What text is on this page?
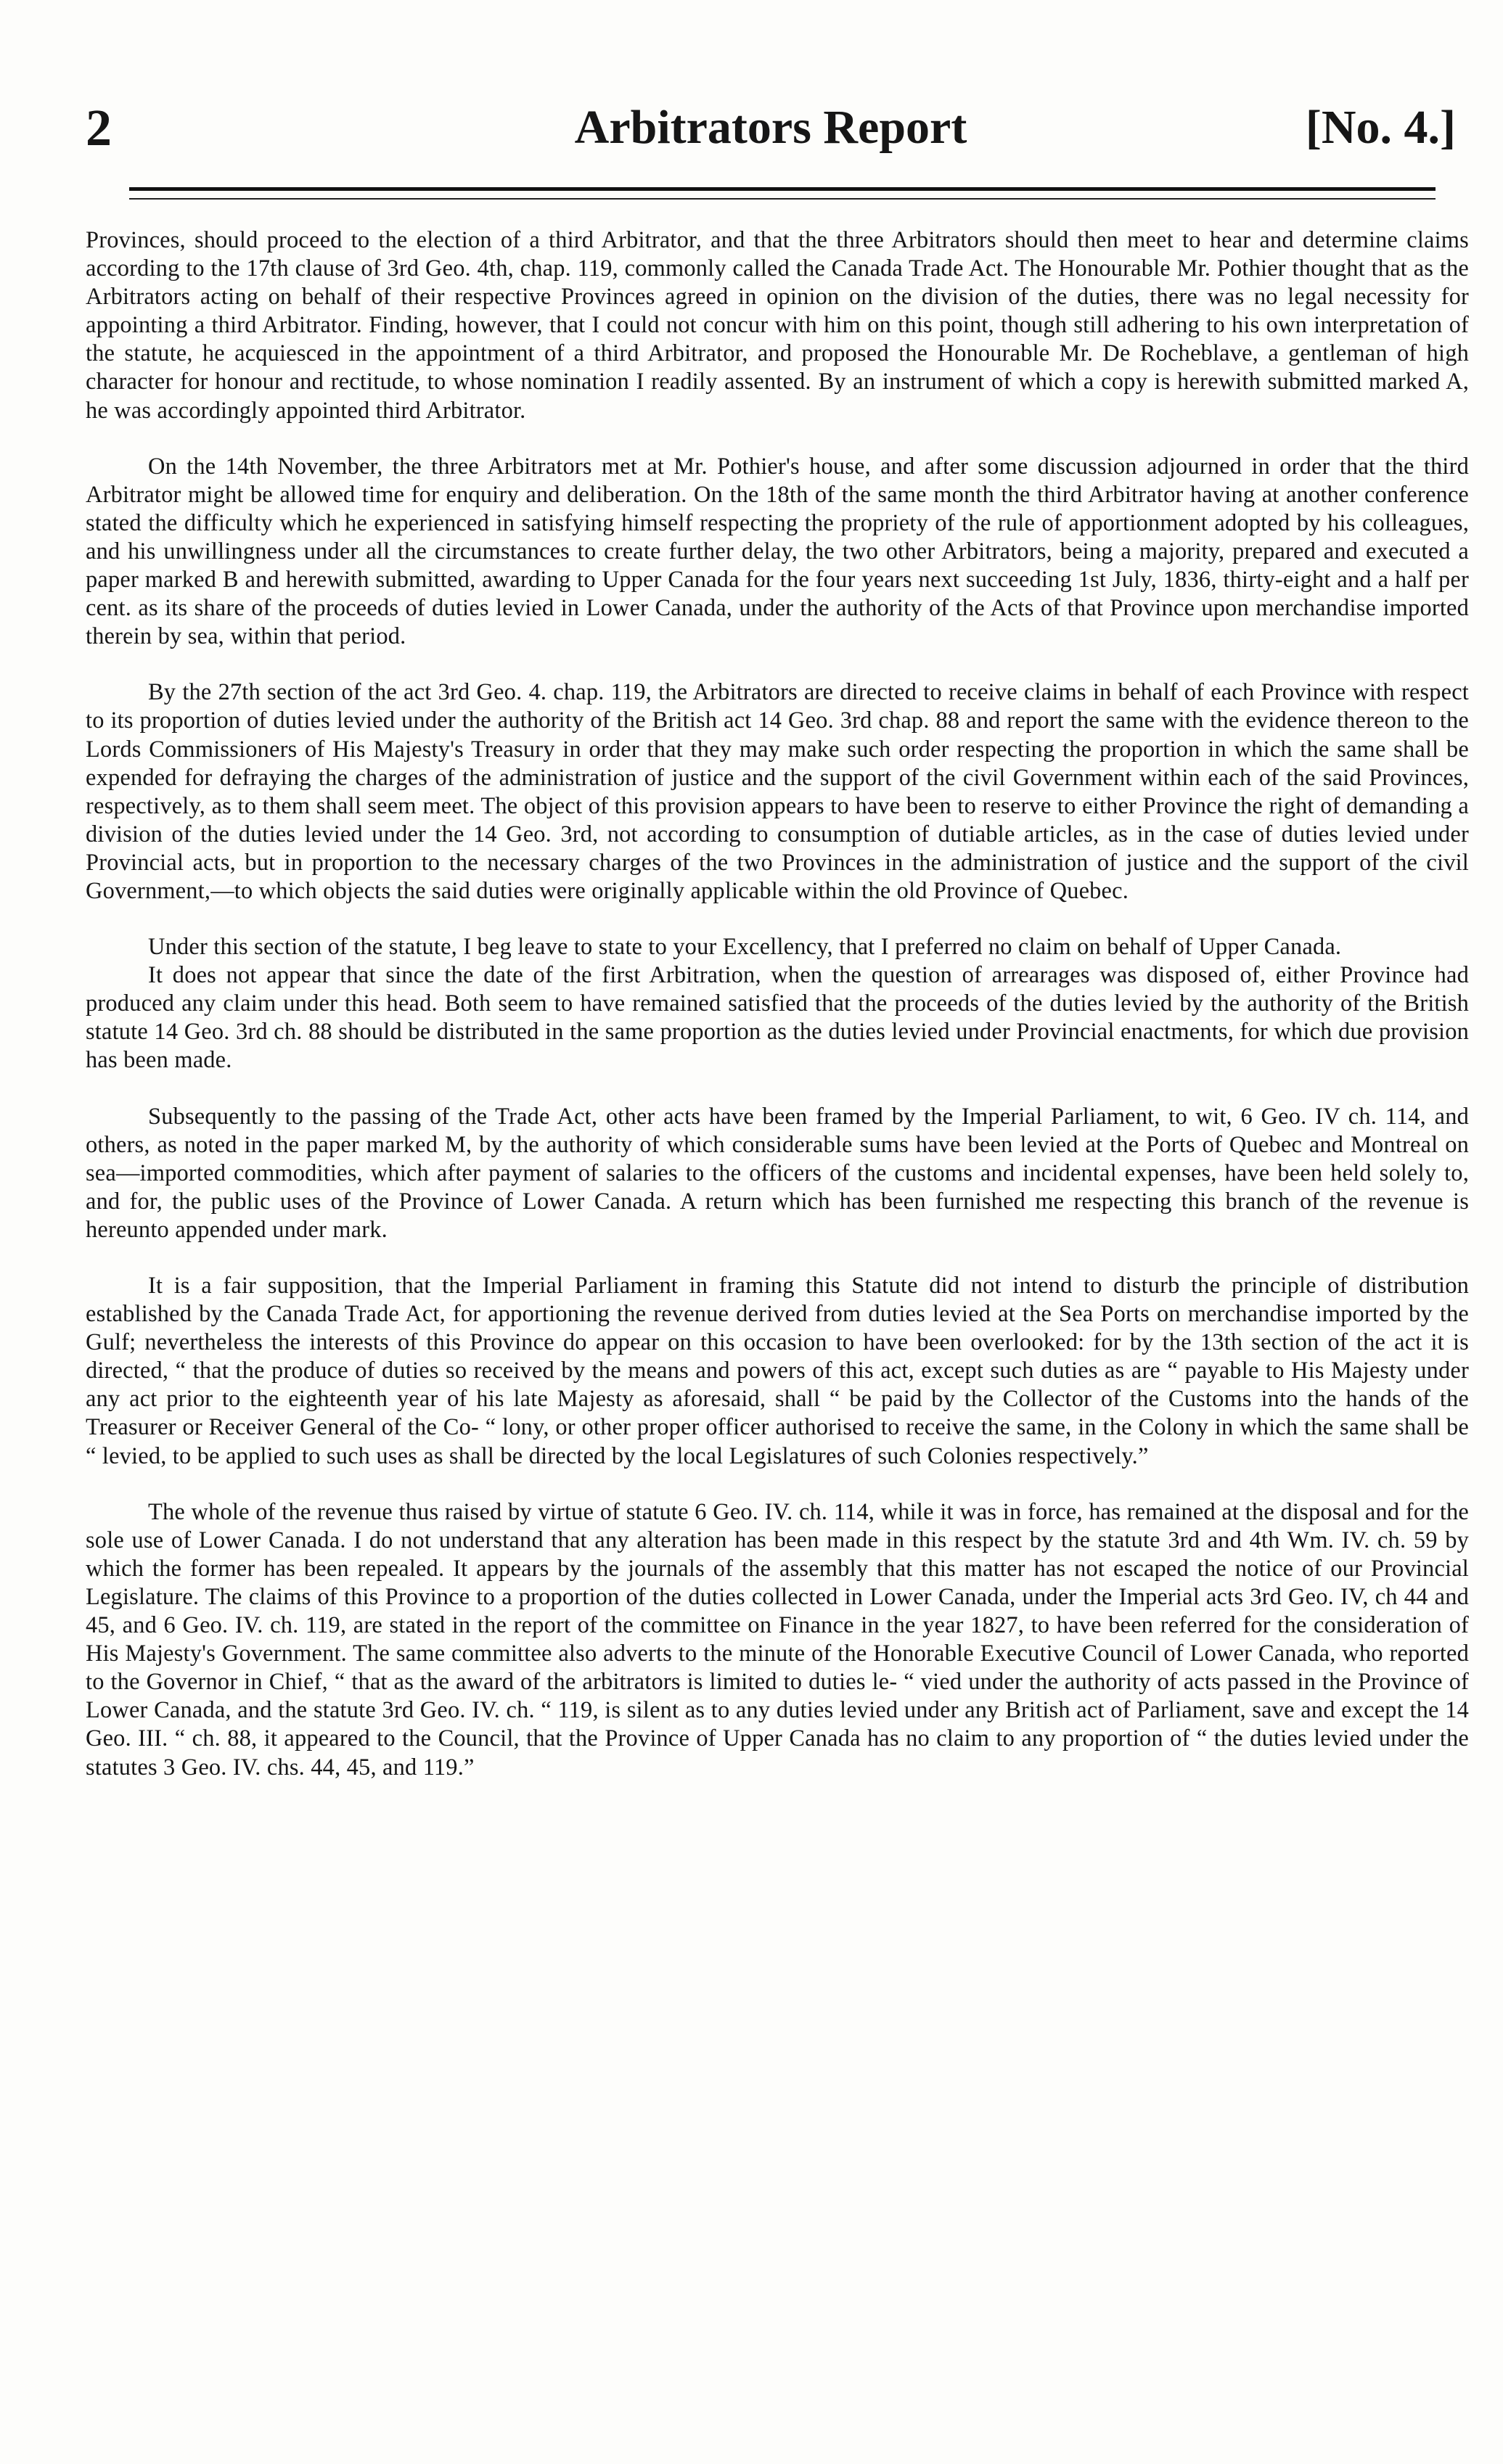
2	Arbitrators Report	[No. 4.]

Provinces, should proceed to the election of a third Arbitrator, and that the three Arbitrators should then meet to hear and determine claims according to the 17th clause of 3rd Geo. 4th, chap. 119, commonly called the Canada Trade Act. The Honourable Mr. Pothier thought that as the Arbitrators acting on behalf of their respective Provinces agreed in opinion on the division of the duties, there was no legal necessity for appointing a third Arbitrator. Finding, however, that I could not concur with him on this point, though still adhering to his own interpretation of the statute, he acquiesced in the appointment of a third Arbitrator, and proposed the Honourable Mr. De Rocheblave, a gentleman of high character for honour and rectitude, to whose nomination I readily assented. By an instrument of which a copy is herewith submitted marked A, he was accordingly appointed third Arbitrator.

On the 14th November, the three Arbitrators met at Mr. Pothier's house, and after some discussion adjourned in order that the third Arbitrator might be allowed time for enquiry and deliberation. On the 18th of the same month the third Arbitrator having at another conference stated the difficulty which he experienced in satisfying himself respecting the propriety of the rule of apportionment adopted by his colleagues, and his unwillingness under all the circumstances to create further delay, the two other Arbitrators, being a majority, prepared and executed a paper marked B and herewith submitted, awarding to Upper Canada for the four years next succeeding 1st July, 1836, thirty-eight and a half per cent. as its share of the proceeds of duties levied in Lower Canada, under the authority of the Acts of that Province upon merchandise imported therein by sea, within that period.

By the 27th section of the act 3rd Geo. 4. chap. 119, the Arbitrators are directed to receive claims in behalf of each Province with respect to its proportion of duties levied under the authority of the British act 14 Geo. 3rd chap. 88 and report the same with the evidence thereon to the Lords Commissioners of His Majesty's Treasury in order that they may make such order respecting the proportion in which the same shall be expended for defraying the charges of the administration of justice and the support of the civil Government within each of the said Provinces, respectively, as to them shall seem meet. The object of this provision appears to have been to reserve to either Province the right of demanding a division of the duties levied under the 14 Geo. 3rd, not according to consumption of dutiable articles, as in the case of duties levied under Provincial acts, but in proportion to the necessary charges of the two Provinces in the administration of justice and the support of the civil Government,—to which objects the said duties were originally applicable within the old Province of Quebec.

Under this section of the statute, I beg leave to state to your Excellency, that I preferred no claim on behalf of Upper Canada.

It does not appear that since the date of the first Arbitration, when the question of arrearages was disposed of, either Province had produced any claim under this head. Both seem to have remained satisfied that the proceeds of the duties levied by the authority of the British statute 14 Geo. 3rd ch. 88 should be distributed in the same proportion as the duties levied under Provincial enactments, for which due provision has been made.

Subsequently to the passing of the Trade Act, other acts have been framed by the Imperial Parliament, to wit, 6 Geo. IV ch. 114, and others, as noted in the paper marked M, by the authority of which considerable sums have been levied at the Ports of Quebec and Montreal on sea—imported commodities, which after payment of salaries to the officers of the customs and incidental expenses, have been held solely to, and for, the public uses of the Province of Lower Canada. A return which has been furnished me respecting this branch of the revenue is hereunto appended under mark.

It is a fair supposition, that the Imperial Parliament in framing this Statute did not intend to disturb the principle of distribution established by the Canada Trade Act, for apportioning the revenue derived from duties levied at the Sea Ports on merchandise imported by the Gulf; nevertheless the interests of this Province do appear on this occasion to have been overlooked: for by the 13th section of the act it is directed, “ that the produce of duties so received by the means and powers of this act, except such duties as are “ payable to His Majesty under any act prior to the eighteenth year of his late Majesty as aforesaid, shall “ be paid by the Collector of the Customs into the hands of the Treasurer or Receiver General of the Co- “ lony, or other proper officer authorised to receive the same, in the Colony in which the same shall be “ levied, to be applied to such uses as shall be directed by the local Legislatures of such Colonies respectively.”

The whole of the revenue thus raised by virtue of statute 6 Geo. IV. ch. 114, while it was in force, has remained at the disposal and for the sole use of Lower Canada. I do not understand that any alteration has been made in this respect by the statute 3rd and 4th Wm. IV. ch. 59 by which the former has been repealed. It appears by the journals of the assembly that this matter has not escaped the notice of our Provincial Legislature. The claims of this Province to a proportion of the duties collected in Lower Canada, under the Imperial acts 3rd Geo. IV, ch 44 and 45, and 6 Geo. IV. ch. 119, are stated in the report of the committee on Finance in the year 1827, to have been referred for the consideration of His Majesty's Government. The same committee also adverts to the minute of the Honorable Executive Council of Lower Canada, who reported to the Governor in Chief, “ that as the award of the arbitrators is limited to duties le- “ vied under the authority of acts passed in the Province of Lower Canada, and the statute 3rd Geo. IV. ch. “ 119, is silent as to any duties levied under any British act of Parliament, save and except the 14 Geo. III. “ ch. 88, it appeared to the Council, that the Province of Upper Canada has no claim to any proportion of “ the duties levied under the statutes 3 Geo. IV. chs. 44, 45, and 119.”
